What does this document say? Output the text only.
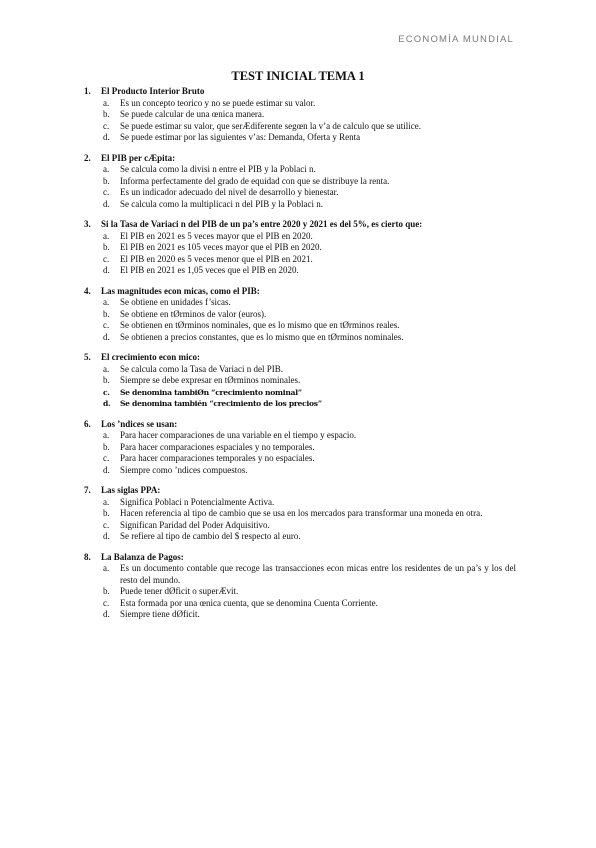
ECONOMÍA MUNDIAL
TEST INICIAL TEMA 1
1. El Producto Interior Bruto
a. Es un concepto teorico y no se puede estimar su valor.
b. Se puede calcular de una œnica manera.
c. Se puede estimar su valor, que serÆdiferente segœn la v’a de calculo que se utilice.
d. Se puede estimar por las siguientes v’as: Demanda, Oferta y Renta
2. El PIB per cÆpita:
a. Se calcula como la divisi n entre el PIB y la Poblaci n.
b. Informa perfectamente del grado de equidad con que se distribuye la renta.
c. Es un indicador adecuado del nivel de desarrollo y bienestar.
d. Se calcula como la multiplicaci n del PIB y la Poblaci n.
3. Si la Tasa de Variaci n del PIB de un pa’s entre 2020 y 2021 es del 5%, es cierto que:
a. El PIB en 2021 es 5 veces mayor que el PIB en 2020.
b. El PIB en 2021 es 105 veces mayor que el PIB en 2020.
c. El PIB en 2020 es 5 veces menor que el PIB en 2021.
d. El PIB en 2021 es 1,05 veces que el PIB en 2020.
4. Las magnitudes econ micas, como el PIB:
a. Se obtiene en unidades f’sicas.
b. Se obtiene en tØrminos de valor (euros).
c. Se obtienen en tØrminos nominales, que es lo mismo que en tØrminos reales.
d. Se obtienen a precios constantes, que es lo mismo que en tØrminos nominales.
5. El crecimiento econ mico:
a. Se calcula como la Tasa de Variaci n del PIB.
b. Siempre se debe expresar en tØrminos nominales.
c. Se denomina tambiØn “crecimiento nominal”
d. Se denomina también “crecimiento de los precios”
6. Los ’ndices se usan:
a. Para hacer comparaciones de una variable en el tiempo y espacio.
b. Para hacer comparaciones espaciales y no temporales.
c. Para hacer comparaciones temporales y no espaciales.
d. Siempre como ’ndices compuestos.
7. Las siglas PPA:
a. Significa Poblaci n Potencialmente Activa.
b. Hacen referencia al tipo de cambio que se usa en los mercados para transformar una moneda en otra.
c. Significan Paridad del Poder Adquisitivo.
d. Se refiere al tipo de cambio del $ respecto al euro.
8. La Balanza de Pagos:
a. Es un documento contable que recoge las transacciones econ micas entre los residentes de un pa’s y los del resto del mundo.
b. Puede tener dØficit o superÆvit.
c. Esta formada por una œnica cuenta, que se denomina Cuenta Corriente.
d. Siempre tiene dØficit.
